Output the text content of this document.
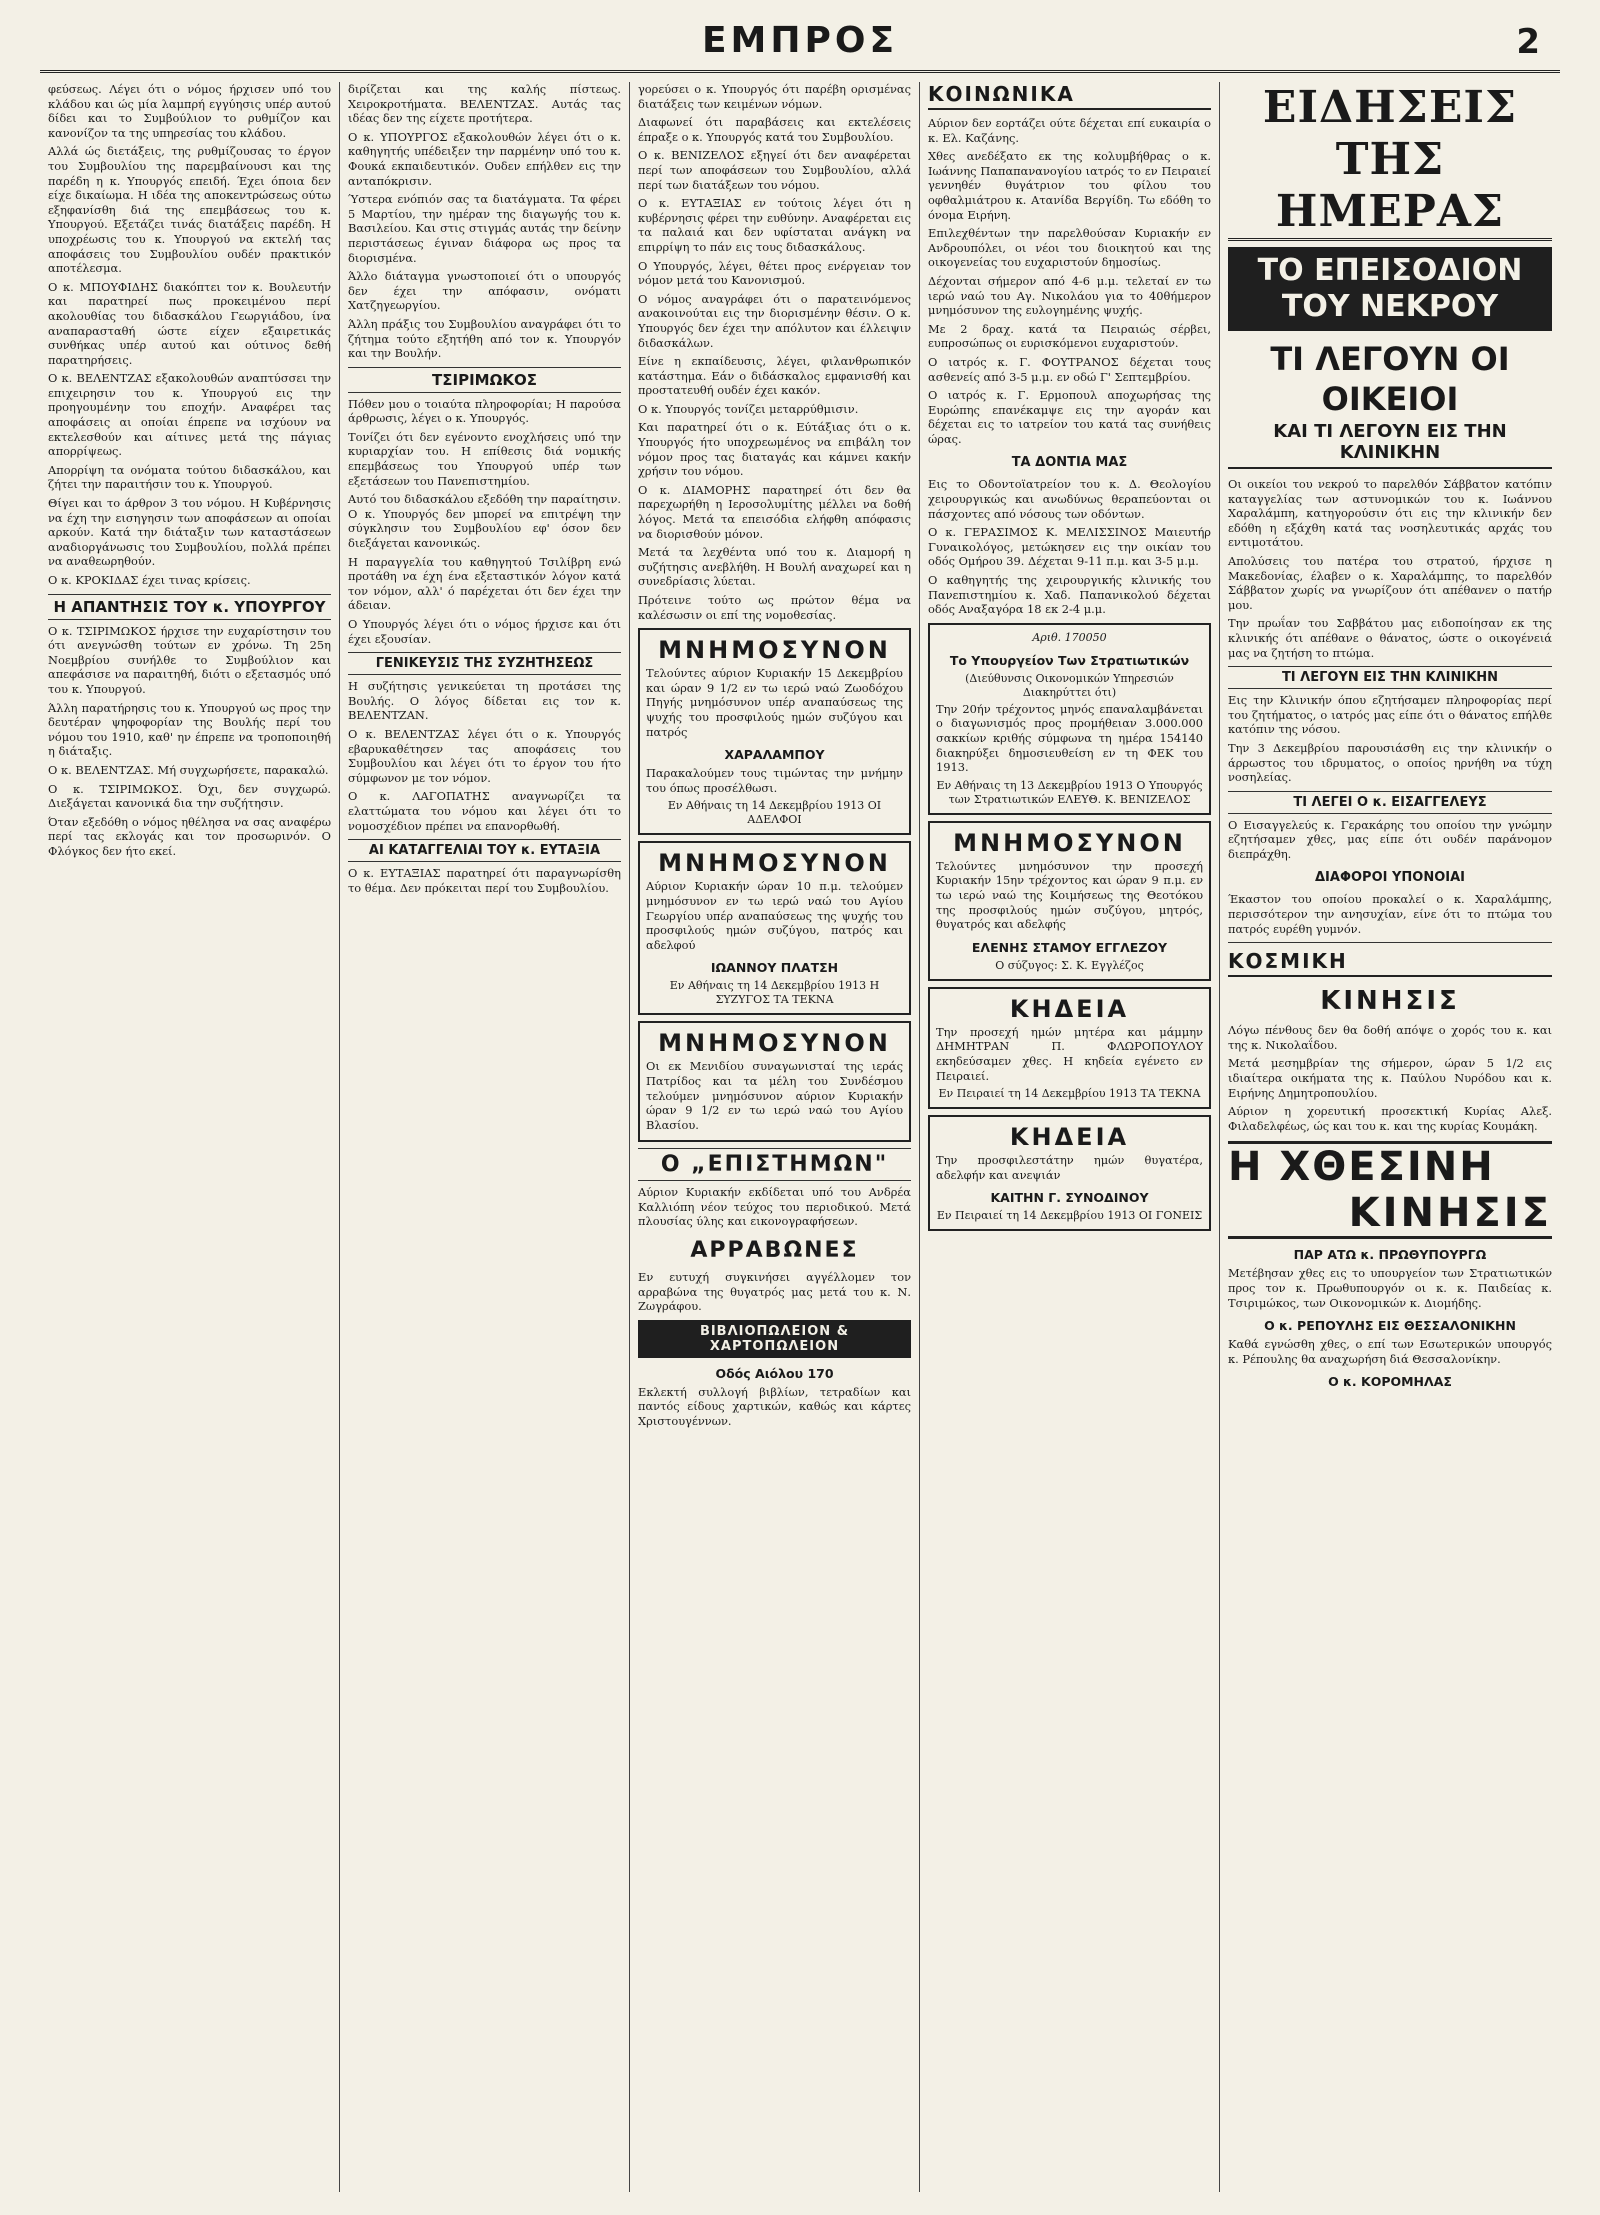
ΕΜΠΡΟΣ	2

φεύσεως. Λέγει ότι ο νόμος ήρχισεν υπό του κλάδου και ώς μία λαμπρή εγγύησις υπέρ αυτού δίδει και το Συμβούλιον το ρυθμίζον και κανονίζον τα της υπηρεσίας του κλάδου.

Αλλά ώς διετάξεις, της ρυθμίζουσας το έργον του Συμβουλίου της παρεμβαίνουσι και της παρέδη η κ. Υπουργός επειδή. Έχει όποια δεν είχε δικαίωμα. Η ιδέα της αποκεντρώσεως ούτω εξηφανίσθη διά της επεμβάσεως του κ. Υπουργού. Εξετάζει τινάς διατάξεις παρέδη. Η υποχρέωσις του κ. Υπουργού να εκτελή τας αποφάσεις του Συμβουλίου ουδέν πρακτικόν αποτέλεσμα.

Ο κ. ΜΠΟΥΦΙΔΗΣ διακόπτει τον κ. Βουλευτήν και παρατηρεί πως προκειμένου περί ακολουθίας του διδασκάλου Γεωργιάδου, ίνα αναπαρασταθή ώστε είχεν εξαιρετικάς συνθήκας υπέρ αυτού και ούτινος δεθή παρατηρήσεις.

Ο κ. ΒΕΛΕΝΤΖΑΣ εξακολουθών αναπτύσσει την επιχειρησιν του κ. Υπουργού εις την προηγουμένην του εποχήν. Αναφέρει τας αποφάσεις αι οποίαι έπρεπε να ισχύουν να εκτελεσθούν και αίτινες μετά της πάγιας απορρίψεως.

Απορρίψη τα ονόματα τούτου διδασκάλου, και ζήτει την παραιτήσιν του κ. Υπουργού.

Θίγει και το άρθρον 3 του νόμου. Η Κυβέρνησις να έχη την εισηγησιν των αποφάσεων αι οποίαι αρκούν. Κατά την διάταξιν των καταστάσεων αναδιοργάνωσις του Συμβουλίου, πολλά πρέπει να αναθεωρηθούν.

Ο κ. ΚΡΟΚΙΔΑΣ έχει τινας κρίσεις.

Η ΑΠΑΝΤΗΣΙΣ ΤΟΥ κ. ΥΠΟΥΡΓΟΥ

Ο κ. ΤΣΙΡΙΜΩΚΟΣ ήρχισε την ευχαρίστησιν του ότι ανεγνώσθη τούτων εν χρόνω. Τη 25η Νοεμβρίου συνήλθε το Συμβούλιον και απεφάσισε να παραιτηθή, διότι ο εξετασμός υπό του κ. Υπουργού.

Άλλη παρατήρησις του κ. Υπουργού ως προς την δευτέραν ψηφοφορίαν της Βουλής περί του νόμου του 1910, καθ' ην έπρεπε να τροποποιηθή η διάταξις.

Ο κ. ΒΕΛΕΝΤΖΑΣ. Μή συγχωρήσετε, παρακαλώ.

Ο κ. ΤΣΙΡΙΜΩΚΟΣ. Όχι, δεν συγχωρώ. Διεξάγεται κανονικά δια την συζήτησιν.

Όταν εξεδόθη ο νόμος ηθέλησα να σας αναφέρω περί τας εκλογάς και τον προσωρινόν. Ο Φλόγκος δεν ήτο εκεί.

διρίζεται και της καλής πίστεως. Χειροκροτήματα. ΒΕΛΕΝΤΖΑΣ. Αυτάς τας ιδέας δεν της είχετε προτήτερα.

Ο κ. ΥΠΟΥΡΓΟΣ εξακολουθών λέγει ότι ο κ. καθηγητής υπέδειξεν την παρμένην υπό του κ. Φουκά εκπαιδευτικόν. Ουδεν επήλθεν εις την ανταπόκρισιν.

Ύστερα ενόπιόν σας τα διατάγματα. Τα φέρει 5 Μαρτίου, την ημέραν της διαγωγής του κ. Βασιλείου. Και στις στιγμάς αυτάς την δείνην περιστάσεως έγιναν διάφορα ως προς τα διορισμένα.

Άλλο διάταγμα γνωστοποιεί ότι ο υπουργός δεν έχει την απόφασιν, ονόματι Χατζηγεωργίου.

Άλλη πράξις του Συμβουλίου αναγράφει ότι το ζήτημα τούτο εξητήθη από τον κ. Υπουργόν και την Βουλήν.

ΤΣΙΡΙΜΩΚΟΣ

Πόθεν μου ο τοιαύτα πληροφορίαι; Η παρούσα άρθρωσις, λέγει ο κ. Υπουργός.

Τονίζει ότι δεν εγένοντο ενοχλήσεις υπό την κυριαρχίαν του. Η επίθεσις διά νομικής επεμβάσεως του Υπουργού υπέρ των εξετάσεων του Πανεπιστημίου.

Αυτό του διδασκάλου εξεδόθη την παραίτησιν. Ο κ. Υπουργός δεν μπορεί να επιτρέψη την σύγκλησιν του Συμβουλίου εφ' όσον δεν διεξάγεται κανονικώς.

Η παραγγελία του καθηγητού Τσιλίβρη ενώ προτάθη να έχη ένα εξεταστικόν λόγον κατά τον νόμον, αλλ' ό παρέχεται ότι δεν έχει την άδειαν.

Ο Υπουργός λέγει ότι ο νόμος ήρχισε και ότι έχει εξουσίαν.

ΓΕΝΙΚΕΥΣΙΣ ΤΗΣ ΣΥΖΗΤΗΣΕΩΣ

Η συζήτησις γενικεύεται τη προτάσει της Βουλής. Ο λόγος δίδεται εις τον κ. ΒΕΛΕΝΤΖΑΝ.

Ο κ. ΒΕΛΕΝΤΖΑΣ λέγει ότι ο κ. Υπουργός εβαρυκαθέτησεν τας αποφάσεις του Συμβουλίου και λέγει ότι το έργον του ήτο σύμφωνον με τον νόμον.

Ο κ. ΛΑΓΟΠΑΤΗΣ αναγνωρίζει τα ελαττώματα του νόμου και λέγει ότι το νομοσχέδιον πρέπει να επανορθωθή.

ΑΙ ΚΑΤΑΓΓΕΛΙΑΙ ΤΟΥ κ. ΕΥΤΑΞΙΑ

Ο κ. ΕΥΤΑΞΙΑΣ παρατηρεί ότι παραγνωρίσθη το θέμα. Δεν πρόκειται περί του Συμβουλίου.

γορεύσει ο κ. Υπουργός ότι παρέβη ορισμένας διατάξεις των κειμένων νόμων.

Διαφωνεί ότι παραβάσεις και εκτελέσεις έπραξε ο κ. Υπουργός κατά του Συμβουλίου.

Ο κ. ΒΕΝΙΖΕΛΟΣ εξηγεί ότι δεν αναφέρεται περί των αποφάσεων του Συμβουλίου, αλλά περί των διατάξεων του νόμου.

Ο κ. ΕΥΤΑΞΙΑΣ εν τούτοις λέγει ότι η κυβέρνησις φέρει την ευθύνην. Αναφέρεται εις τα παλαιά και δεν υφίσταται ανάγκη να επιρρίψη το πάν εις τους διδασκάλους.

Ο Υπουργός, λέγει, θέτει προς ενέργειαν τον νόμον μετά του Κανονισμού.

Ο νόμος αναγράφει ότι ο παρατεινόμενος ανακοινούται εις την διορισμένην θέσιν. Ο κ. Υπουργός δεν έχει την απόλυτον και έλλειψιν διδασκάλων.

Είνε η εκπαίδευσις, λέγει, φιλανθρωπικόν κατάστημα. Εάν ο διδάσκαλος εμφανισθή και προστατευθή ουδέν έχει κακόν.

Ο κ. Υπουργός τονίζει μεταρρύθμισιν.

Και παρατηρεί ότι ο κ. Εύτάξιας ότι ο κ. Υπουργός ήτο υποχρεωμένος να επιβάλη τον νόμον προς τας διαταγάς και κάμνει κακήν χρήσιν του νόμου.

Ο κ. ΔΙΑΜΟΡΗΣ παρατηρεί ότι δεν θα παρεχωρήθη η Ιεροσολυμίτης μέλλει να δοθή λόγος. Μετά τα επεισόδια ελήφθη απόφασις να διορισθούν μόνον.

Μετά τα λεχθέντα υπό του κ. Διαμορή η συζήτησις ανεβλήθη. Η Βουλή αναχωρεί και η συνεδρίασις λύεται.

Πρότεινε τούτο ως πρώτον θέμα να καλέσωσιν οι επί της νομοθεσίας.

ΜΝΗΜΟΣΥΝΟΝ

Τελούντες αύριον Κυριακήν 15 Δεκεμβρίου και ώραν 9 1/2 εν τω ιερώ ναώ Ζωοδόχου Πηγής μνημόσυνον υπέρ αναπαύσεως της ψυχής του προσφιλούς ημών συζύγου και πατρός

ΧΑΡΑΛΑΜΠΟΥ

Παρακαλούμεν τους τιμώντας την μνήμην του όπως προσέλθωσι.

Εν Αθήναις τη 14 Δεκεμβρίου 1913 ΟΙ ΑΔΕΛΦΟΙ
ΜΝΗΜΟΣΥΝΟΝ

Αύριον Κυριακήν ώραν 10 π.μ. τελούμεν μνημόσυνον εν τω ιερώ ναώ του Αγίου Γεωργίου υπέρ αναπαύσεως της ψυχής του προσφιλούς ημών συζύγου, πατρός και αδελφού

ΙΩΑΝΝΟΥ ΠΛΑΤΣΗ
Εν Αθήναις τη 14 Δεκεμβρίου 1913 Η ΣΥΖΥΓΟΣ ΤΑ ΤΕΚΝΑ
ΜΝΗΜΟΣΥΝΟΝ

Οι εκ Μενιδίου συναγωνισταί της ιεράς Πατρίδος και τα μέλη του Συνδέσμου τελούμεν μνημόσυνον αύριον Κυριακήν ώραν 9 1/2 εν τω ιερώ ναώ του Αγίου Βλασίου.

Ο „ΕΠΙΣΤΗΜΩΝ"

Αύριον Κυριακήν εκδίδεται υπό του Ανδρέα Καλλιόπη νέον τεύχος του περιοδικού. Μετά πλουσίας ύλης και εικονογραφήσεων.

ΑΡΡΑΒΩΝΕΣ

Εν ευτυχή συγκινήσει αγγέλλομεν τον αρραβώνα της θυγατρός μας μετά του κ. Ν. Ζωγράφου.

ΒΙΒΛΙΟΠΩΛΕΙΟΝ & ΧΑΡΤΟΠΩΛΕΙΟΝ
Οδός Αιόλου 170

Εκλεκτή συλλογή βιβλίων, τετραδίων και παντός είδους χαρτικών, καθώς και κάρτες Χριστουγέννων.

ΚΟΙΝΩΝΙΚΑ

Αύριον δεν εορτάζει ούτε δέχεται επί ευκαιρία ο κ. Ελ. Καζάνης.

Χθες ανεδέξατο εκ της κολυμβήθρας ο κ. Ιωάννης Παπαπανανογίου ιατρός το εν Πειραιεί γεννηθέν θυγάτριον του φίλου του οφθαλμιάτρου κ. Ατανίδα Βεργίδη. Τω εδόθη το όνομα Ειρήνη.

Επιλεχθέντων την παρελθούσαν Κυριακήν εν Ανδρουπόλει, οι νέοι του διοικητού και της οικογενείας του ευχαριστούν δημοσίως.

Δέχονται σήμερον από 4-6 μ.μ. τελεταί εν τω ιερώ ναώ του Αγ. Νικολάου για το 40θήμερον μνημόσυνον της ευλογημένης ψυχής.

Με 2 δραχ. κατά τα Πειραιώς σέρβει, ευπροσώπως οι ευρισκόμενοι ευχαριστούν.

Ο ιατρός κ. Γ. ΦΟΥΤΡΑΝΟΣ δέχεται τους ασθενείς από 3-5 μ.μ. εν οδώ Γ' Σεπτεμβρίου.

Ο ιατρός κ. Γ. Ερμοπουλ αποχωρήσας της Ευρώπης επανέκαμψε εις την αγοράν και δέχεται εις το ιατρείον του κατά τας συνήθεις ώρας.

ΤΑ ΔΟΝΤΙΑ ΜΑΣ

Εις το Οδοντοϊατρείον του κ. Δ. Θεολογίου χειρουργικώς και ανωδύνως θεραπεύονται οι πάσχοντες από νόσους των οδόντων.

Ο κ. ΓΕΡΑΣΙΜΟΣ Κ. ΜΕΛΙΣΣΙΝΟΣ Μαιευτήρ Γυναικολόγος, μετώκησεν εις την οικίαν του οδός Ομήρου 39. Δέχεται 9-11 π.μ. και 3-5 μ.μ.

Ο καθηγητής της χειρουργικής κλινικής του Πανεπιστημίου κ. Χαδ. Παπανικολού δέχεται οδός Αναξαγόρα 18 εκ 2-4 μ.μ.

Αριθ. 170050
Το Υπουργείον Των Στρατιωτικών
(Διεύθυνσις Οικονομικών Υπηρεσιών Διακηρύττει ότι)

Την 20ήν τρέχοντος μηνός επαναλαμβάνεται ο διαγωνισμός προς προμήθειαν 3.000.000 σακκίων κριθής σύμφωνα τη ημέρα 154140 διακηρύξει δημοσιευθείση εν τη ΦΕΚ του 1913.

Εν Αθήναις τη 13 Δεκεμβρίου 1913 Ο Υπουργός των Στρατιωτικών ΕΛΕΥΘ. Κ. ΒΕΝΙΖΕΛΟΣ
ΜΝΗΜΟΣΥΝΟΝ

Τελούντες μνημόσυνον την προσεχή Κυριακήν 15ην τρέχοντος και ώραν 9 π.μ. εν τω ιερώ ναώ της Κοιμήσεως της Θεοτόκου της προσφιλούς ημών συζύγου, μητρός, θυγατρός και αδελφής

ΕΛΕΝΗΣ ΣΤΑΜΟΥ ΕΓΓΛΕΖΟΥ
Ο σύζυγος: Σ. Κ. Εγγλέζος
ΚΗΔΕΙΑ

Την προσεχή ημών μητέρα και μάμμην ΔΗΜΗΤΡΑΝ Π. ΦΛΩΡΟΠΟΥΛΟΥ εκηδεύσαμεν χθες. Η κηδεία εγένετο εν Πειραιεί.

Εν Πειραιεί τη 14 Δεκεμβρίου 1913 ΤΑ ΤΕΚΝΑ
ΚΗΔΕΙΑ

Την προσφιλεστάτην ημών θυγατέρα, αδελφήν και ανεψιάν

ΚΑΙΤΗΝ Γ. ΣΥΝΟΔΙΝΟΥ
Εν Πειραιεί τη 14 Δεκεμβρίου 1913 ΟΙ ΓΟΝΕΙΣ
ΕΙΔΗΣΕΙΣ ΤΗΣ ΗΜΕΡΑΣ
ΤΟ ΕΠΕΙΣΟΔΙΟΝ ΤΟΥ ΝΕΚΡΟΥ
ΤΙ ΛΕΓΟΥΝ ΟΙ ΟΙΚΕΙΟΙ
ΚΑΙ ΤΙ ΛΕΓΟΥΝ ΕΙΣ ΤΗΝ ΚΛΙΝΙΚΗΝ

Οι οικείοι του νεκρού το παρελθόν Σάββατον κατόπιν καταγγελίας των αστυνομικών του κ. Ιωάννου Χαραλάμπη, κατηγορούσιν ότι εις την κλινικήν δεν εδόθη η εξάχθη κατά τας νοσηλευτικάς αρχάς του εντιμοτάτου.

Απολύσεις του πατέρα του στρατού, ήρχισε η Μακεδονίας, έλαβεν ο κ. Χαραλάμπης, το παρελθόν Σάββατον χωρίς να γνωρίζουν ότι απέθανεν ο πατήρ μου.

Την πρωΐαν του Σαββάτου μας ειδοποίησαν εκ της κλινικής ότι απέθανε ο θάνατος, ώστε ο οικογένειά μας να ζητήση το πτώμα.

ΤΙ ΛΕΓΟΥΝ ΕΙΣ ΤΗΝ ΚΛΙΝΙΚΗΝ

Εις την Κλινικήν όπου εζητήσαμεν πληροφορίας περί του ζητήματος, ο ιατρός μας είπε ότι ο θάνατος επήλθε κατόπιν της νόσου.

Την 3 Δεκεμβρίου παρουσιάσθη εις την κλινικήν ο άρρωστος του ιδρυματος, ο οποίος ηρνήθη να τύχη νοσηλείας.

ΤΙ ΛΕΓΕΙ Ο κ. ΕΙΣΑΓΓΕΛΕΥΣ

Ο Εισαγγελεύς κ. Γερακάρης του οποίου την γνώμην εζητήσαμεν χθες, μας είπε ότι ουδέν παράνομον διεπράχθη.

ΔΙΑΦΟΡΟΙ ΥΠΟΝΟΙΑΙ

Έκαστον του οποίου προκαλεί ο κ. Χαραλάμπης, περισσότερον την ανησυχίαν, είνε ότι το πτώμα του πατρός ευρέθη γυμνόν.

ΚΟΣΜΙΚΗ
ΚΙΝΗΣΙΣ

Λόγω πένθους δεν θα δοθή απόψε ο χορός του κ. και της κ. Νικολαΐδου.

Μετά μεσημβρίαν της σήμερον, ώραν 5 1/2 εις ιδιαίτερα οικήματα της κ. Παύλου Νυρόδου και κ. Ειρήνης Δημητροπουλίου.

Αύριον η χορευτική προσεκτική Κυρίας Αλεξ. Φιλαδελφέως, ώς και του κ. και της κυρίας Κουμάκη.

Η ΧΘΕΣΙΝΗ
ΚΙΝΗΣΙΣ
ΠΑΡ ΑΤΩ κ. ΠΡΩΘΥΠΟΥΡΓΩ

Μετέβησαν χθες εις το υπουργείον των Στρατιωτικών προς τον κ. Πρωθυπουργόν οι κ. κ. Παιδείας κ. Τσιριμώκος, των Οικονομικών κ. Διομήδης.

Ο κ. ΡΕΠΟΥΛΗΣ ΕΙΣ ΘΕΣΣΑΛΟΝΙΚΗΝ

Καθά εγνώσθη χθες, ο επί των Εσωτερικών υπουργός κ. Ρέπουλης θα αναχωρήση διά Θεσσαλονίκην.

Ο κ. ΚΟΡΟΜΗΛΑΣ
